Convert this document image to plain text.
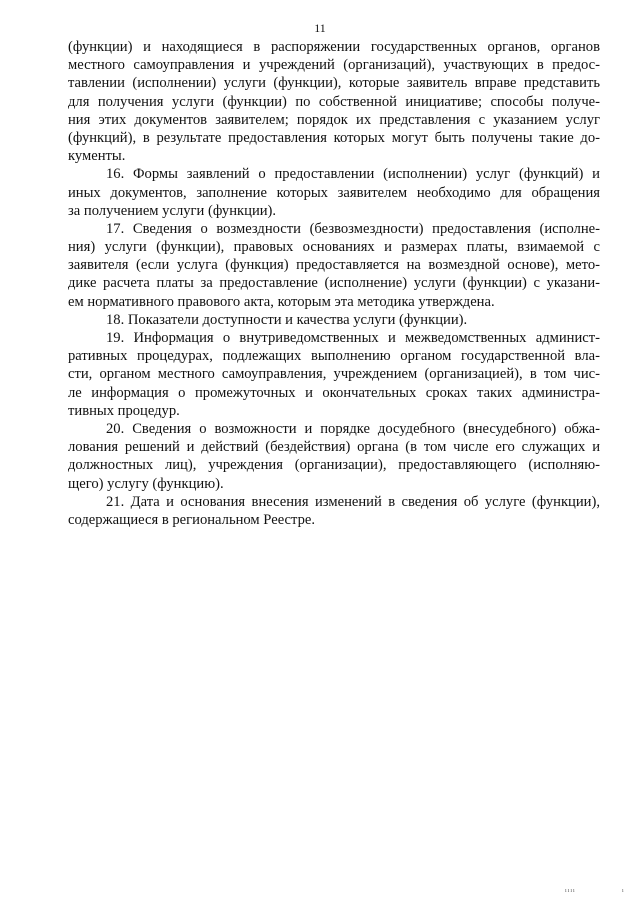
11
(функции) и находящиеся в распоряжении государственных органов, органов
местного самоуправления и учреждений (организаций), участвующих в предос-
тавлении (исполнении) услуги (функции), которые заявитель вправе представить
для получения услуги (функции) по собственной инициативе; способы получе-
ния этих документов заявителем; порядок их представления с указанием услуг
(функций), в результате предоставления которых могут быть получены такие до-
кументы.
16. Формы заявлений о предоставлении (исполнении) услуг (функций) и
иных документов, заполнение которых заявителем необходимо для обращения
за получением услуги (функции).
17. Сведения о возмездности (безвозмездности) предоставления (исполне-
ния) услуги (функции), правовых основаниях и размерах платы, взимаемой с
заявителя (если услуга (функция) предоставляется на возмездной основе), мето-
дике расчета платы за предоставление (исполнение) услуги (функции) с указани-
ем нормативного правового акта, которым эта методика утверждена.
18. Показатели доступности и качества услуги (функции).
19. Информация о внутриведомственных и межведомственных админист-
ративных процедурах, подлежащих выполнению органом государственной вла-
сти, органом местного самоуправления, учреждением (организацией), в том чис-
ле информация о промежуточных и окончательных сроках таких администра-
тивных процедур.
20. Сведения о возможности и порядке досудебного (внесудебного) обжа-
лования решений и действий (бездействия) органа (в том числе его служащих и
должностных лиц), учреждения (организации), предоставляющего (исполняю-
щего) услугу (функцию).
21. Дата и основания внесения изменений в сведения об услуге (функции),
содержащиеся в региональном Реестре.
ıııı	ı
